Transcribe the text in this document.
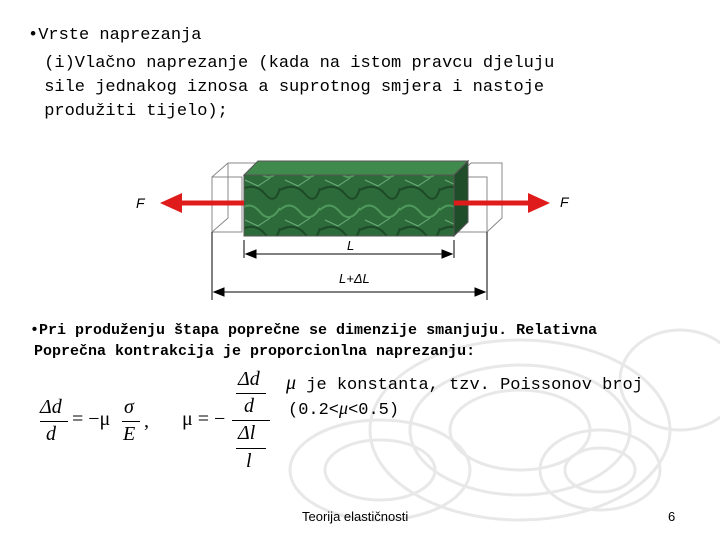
•Vrste naprezanja
(i)Vlačno naprezanje (kada na istom pravcu djeluju
sile jednakog iznosa a suprotnog smjera i nastoje
produžiti tijelo);
F	F
L
L+ΔL
•Pri produženju štapa poprečne se dimenzije smanjuju. Relativna
Poprečna kontrakcija je proporcionlna naprezanju:
μ je konstanta, tzv. Poissonov broj
(0.2<μ<0.5)
Δd
d
= −μ
σ
E
, μ = −
Δd
d
Δl
l
Teorija elastičnosti	6
